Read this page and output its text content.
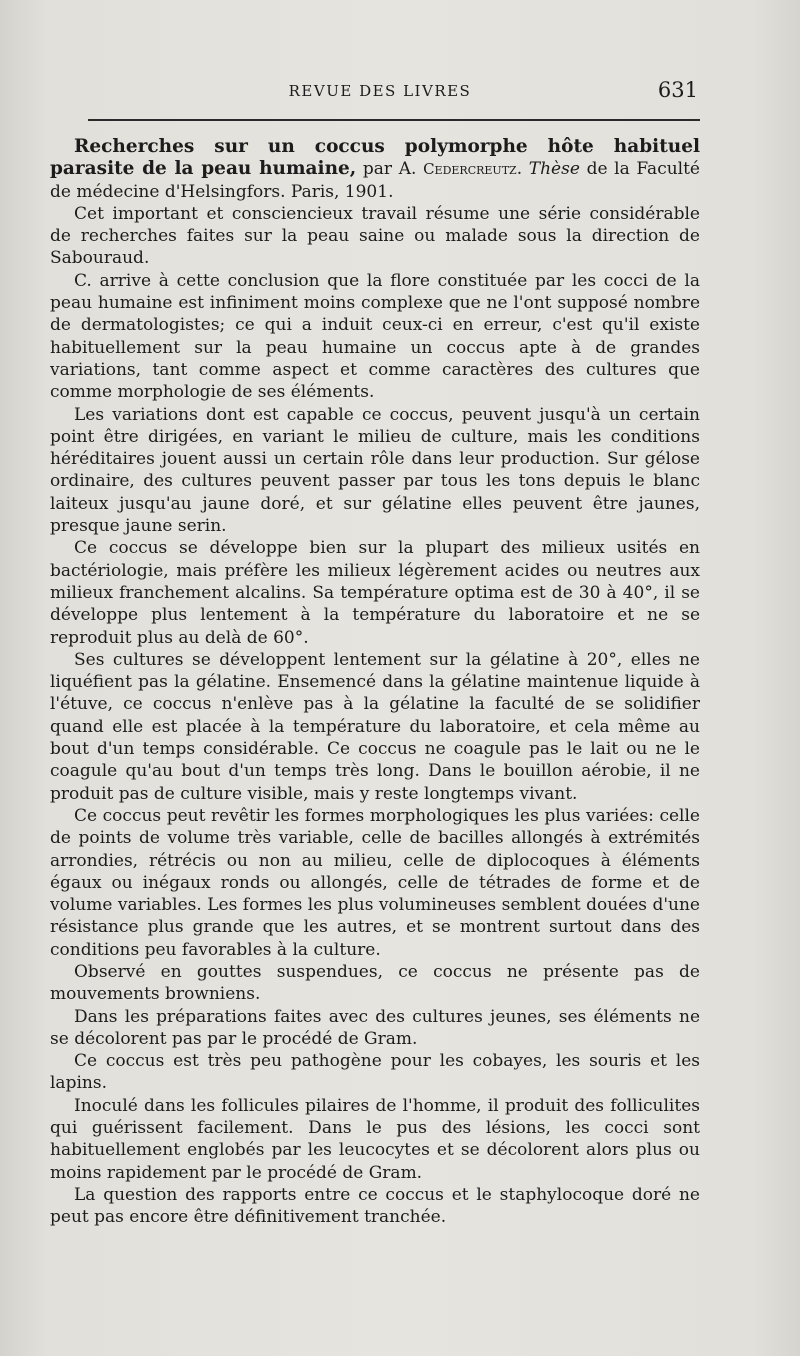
REVUE DES LIVRES	631

Recherches sur un coccus polymorphe hôte habituel parasite de la peau humaine, par A. Cedercreutz. Thèse de la Faculté de médecine d'Helsingfors. Paris, 1901.

Cet important et consciencieux travail résume une série considérable de recherches faites sur la peau saine ou malade sous la direction de Sabouraud.

C. arrive à cette conclusion que la flore constituée par les cocci de la peau humaine est infiniment moins complexe que ne l'ont supposé nombre de dermatologistes; ce qui a induit ceux-ci en erreur, c'est qu'il existe habituellement sur la peau humaine un coccus apte à de grandes variations, tant comme aspect et comme caractères des cultures que comme morphologie de ses éléments.

Les variations dont est capable ce coccus, peuvent jusqu'à un certain point être dirigées, en variant le milieu de culture, mais les conditions héréditaires jouent aussi un certain rôle dans leur production. Sur gélose ordinaire, des cultures peuvent passer par tous les tons depuis le blanc laiteux jusqu'au jaune doré, et sur gélatine elles peuvent être jaunes, presque jaune serin.

Ce coccus se développe bien sur la plupart des milieux usités en bactériologie, mais préfère les milieux légèrement acides ou neutres aux milieux franchement alcalins. Sa température optima est de 30 à 40°, il se développe plus lentement à la température du laboratoire et ne se reproduit plus au delà de 60°.

Ses cultures se développent lentement sur la gélatine à 20°, elles ne liquéfient pas la gélatine. Ensemencé dans la gélatine maintenue liquide à l'étuve, ce coccus n'enlève pas à la gélatine la faculté de se solidifier quand elle est placée à la température du laboratoire, et cela même au bout d'un temps considérable. Ce coccus ne coagule pas le lait ou ne le coagule qu'au bout d'un temps très long. Dans le bouillon aérobie, il ne produit pas de culture visible, mais y reste longtemps vivant.

Ce coccus peut revêtir les formes morphologiques les plus variées: celle de points de volume très variable, celle de bacilles allongés à extrémités arrondies, rétrécis ou non au milieu, celle de diplocoques à éléments égaux ou inégaux ronds ou allongés, celle de tétrades de forme et de volume variables. Les formes les plus volumineuses semblent douées d'une résistance plus grande que les autres, et se montrent surtout dans des conditions peu favorables à la culture.

Observé en gouttes suspendues, ce coccus ne présente pas de mouvements browniens.

Dans les préparations faites avec des cultures jeunes, ses éléments ne se décolorent pas par le procédé de Gram.

Ce coccus est très peu pathogène pour les cobayes, les souris et les lapins.

Inoculé dans les follicules pilaires de l'homme, il produit des folliculites qui guérissent facilement. Dans le pus des lésions, les cocci sont habituellement englobés par les leucocytes et se décolorent alors plus ou moins rapidement par le procédé de Gram.

La question des rapports entre ce coccus et le staphylocoque doré ne peut pas encore être définitivement tranchée.
